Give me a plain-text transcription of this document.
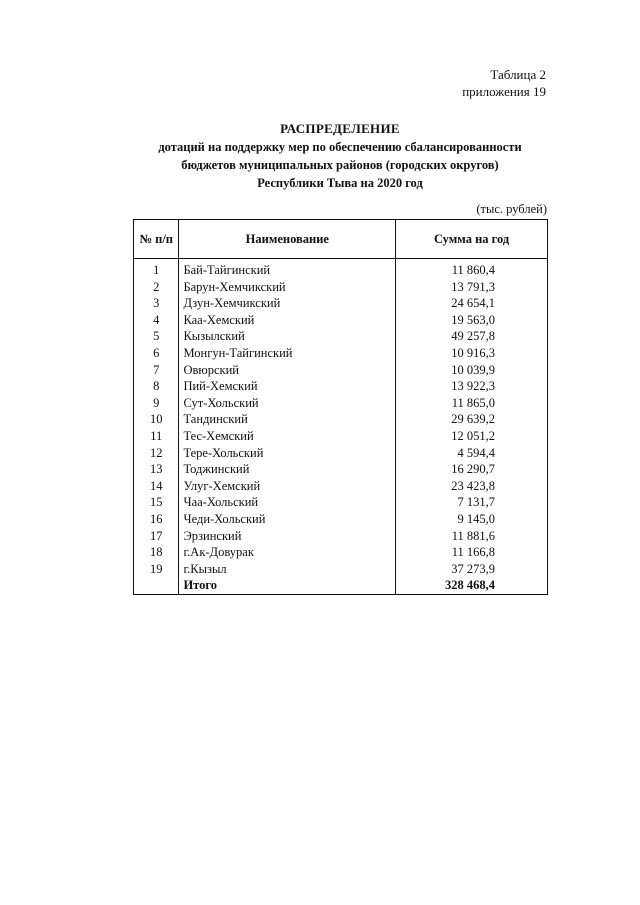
Таблица 2
приложения 19
РАСПРЕДЕЛЕНИЕ
дотаций на поддержку мер по обеспечению сбалансированности
бюджетов муниципальных районов (городских округов)
Республики Тыва на 2020 год
(тыс. рублей)
№ п/п	Наименование	Сумма на год
1	Бай-Тайгинский	11 860,4
2	Барун-Хемчикский	13 791,3
3	Дзун-Хемчикский	24 654,1
4	Каа-Хемский	19 563,0
5	Кызылский	49 257,8
6	Монгун-Тайгинский	10 916,3
7	Овюрский	10 039,9
8	Пий-Хемский	13 922,3
9	Сут-Хольский	11 865,0
10	Тандинский	29 639,2
11	Тес-Хемский	12 051,2
12	Тере-Хольский	4 594,4
13	Тоджинский	16 290,7
14	Улуг-Хемский	23 423,8
15	Чаа-Хольский	7 131,7
16	Чеди-Хольский	9 145,0
17	Эрзинский	11 881,6
18	г.Ак-Довурак	11 166,8
19	г.Кызыл	37 273,9
	Итого	328 468,4
